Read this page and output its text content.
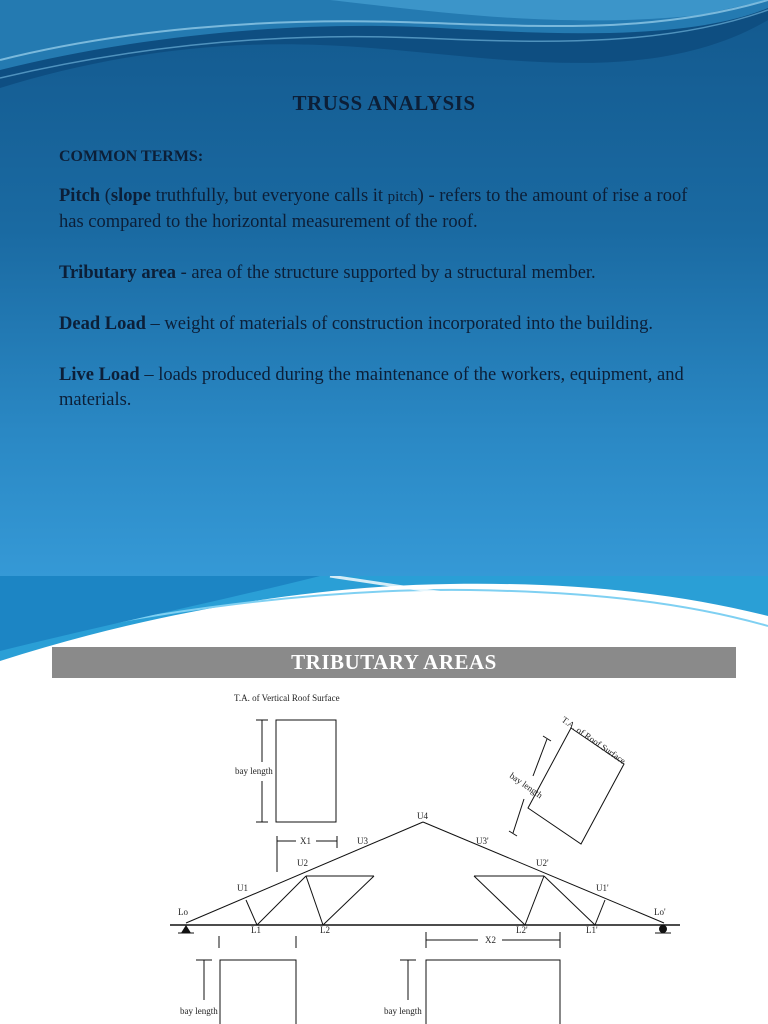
TRUSS ANALYSIS

COMMON TERMS:

Pitch (slope truthfully, but everyone calls it pitch) - refers to the amount of rise a roof has compared to the horizontal measurement of the roof.

Tributary area - area of the structure supported by a structural member.

Dead Load – weight of materials of construction incorporated into the building.

Live Load – loads produced during the maintenance of the workers, equipment, and materials.

TRIBUTARY AREAS
T.A. of Vertical Roof Surface
T.A. of Roof Surface
bay length	bay length
bay length	bay length
X1
X2
U4
U3	U3'
U2	U2'
U1	U1'
Lo	Lo'
L1	L2	L2'	L1'
